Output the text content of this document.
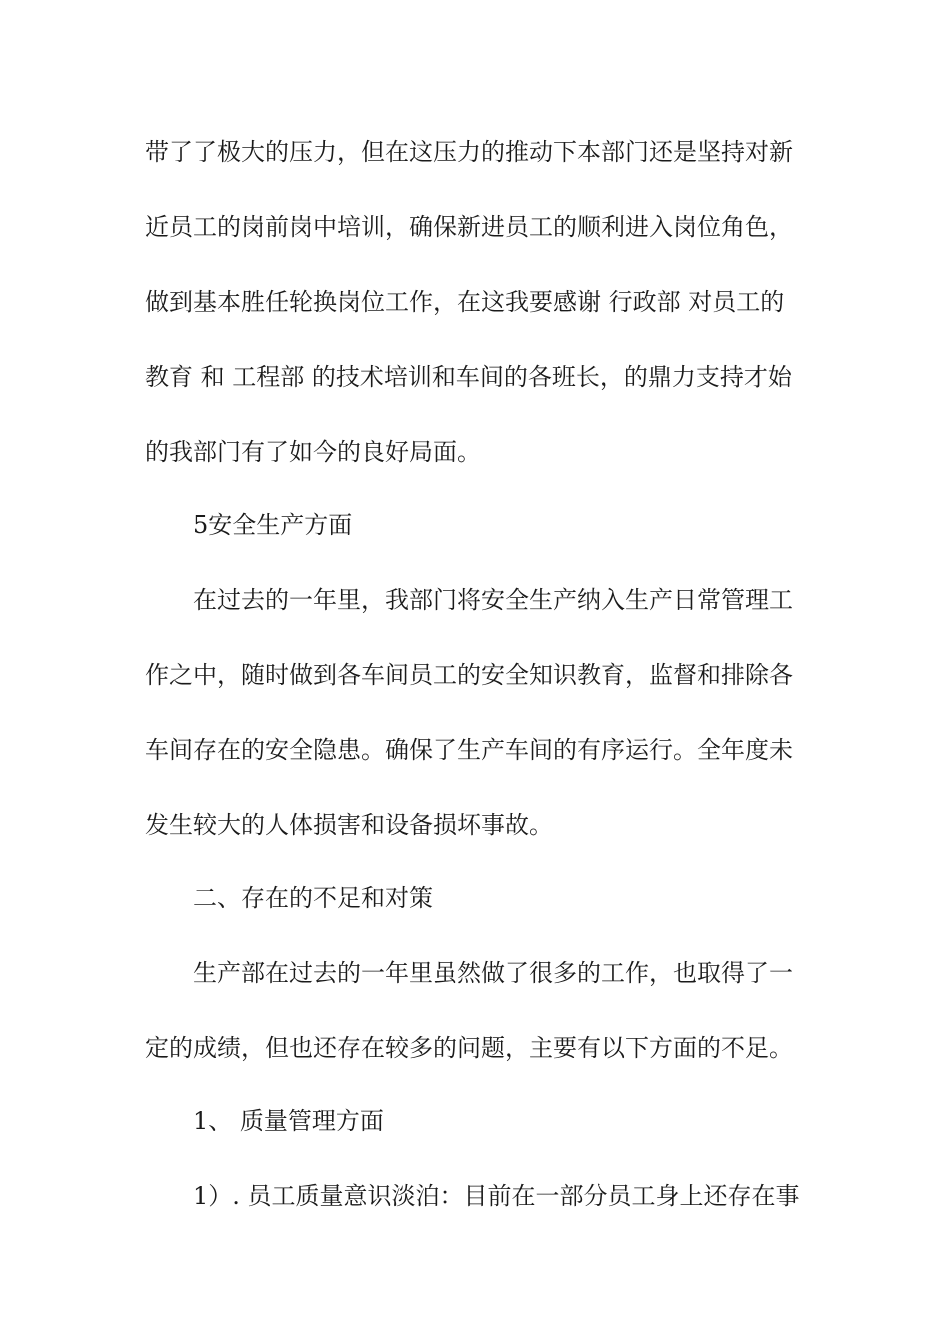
带了了极大的压力，但在这压力的推动下本部门还是坚持对新
近员工的岗前岗中培训，确保新进员工的顺利进入岗位角色，
做到基本胜任轮换岗位工作，在这我要感谢 行政部 对员工的
教育 和 工程部 的技术培训和车间的各班长，的鼎力支持才始
的我部门有了如今的良好局面。
5安全生产方面
在过去的一年里，我部门将安全生产纳入生产日常管理工
作之中，随时做到各车间员工的安全知识教育，监督和排除各
车间存在的安全隐患。确保了生产车间的有序运行。全年度未
发生较大的人体损害和设备损坏事故。
二、存在的不足和对策
生产部在过去的一年里虽然做了很多的工作，也取得了一
定的成绩，但也还存在较多的问题，主要有以下方面的不足。
1、 质量管理方面
1）. 员工质量意识淡泊：目前在一部分员工身上还存在事
